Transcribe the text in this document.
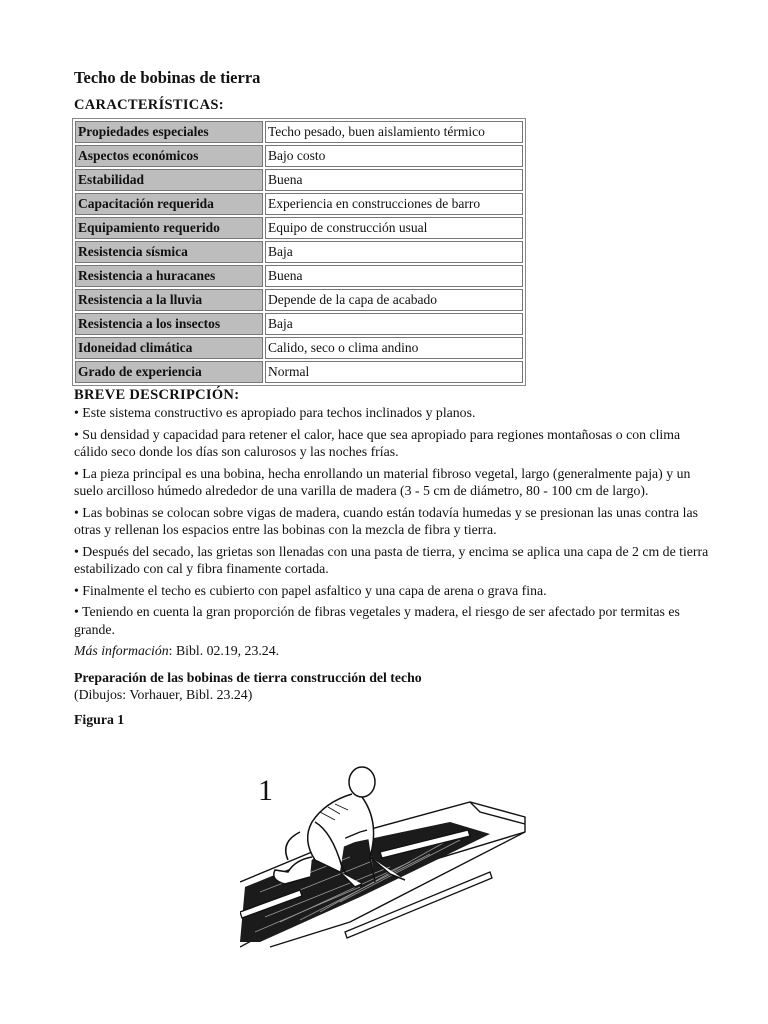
Techo de bobinas de tierra

CARACTERÍSTICAS:

Propiedades especiales	Techo pesado, buen aislamiento térmico
Aspectos económicos	Bajo costo
Estabilidad	Buena
Capacitación requerida	Experiencia en construcciones de barro
Equipamiento requerido	Equipo de construcción usual
Resistencia sísmica	Baja
Resistencia a huracanes	Buena
Resistencia a la lluvia	Depende de la capa de acabado
Resistencia a los insectos	Baja
Idoneidad climática	Calido, seco o clima andino
Grado de experiencia	Normal

BREVE DESCRIPCIÓN:

• Este sistema constructivo es apropiado para techos inclinados y planos.

• Su densidad y capacidad para retener el calor, hace que sea apropiado para regiones montañosas o con clima cálido seco donde los días son calurosos y las noches frías.

• La pieza principal es una bobina, hecha enrollando un material fibroso vegetal, largo (generalmente paja) y un suelo arcilloso húmedo alrededor de una varilla de madera (3 - 5 cm de diámetro, 80 - 100 cm de largo).

• Las bobinas se colocan sobre vigas de madera, cuando están todavía humedas y se presionan las unas contra las otras y rellenan los espacios entre las bobinas con la mezcla de fibra y tierra.

• Después del secado, las grietas son llenadas con una pasta de tierra, y encima se aplica una capa de 2 cm de tierra estabilizado con cal y fibra finamente cortada.

• Finalmente el techo es cubierto con papel asfaltico y una capa de arena o grava fina.

• Teniendo en cuenta la gran proporción de fibras vegetales y madera, el riesgo de ser afectado por termitas es grande.

Más información: Bibl. 02.19, 23.24.

Preparación de las bobinas de tierra construcción del techo

(Dibujos: Vorhauer, Bibl. 23.24)

Figura 1

1
